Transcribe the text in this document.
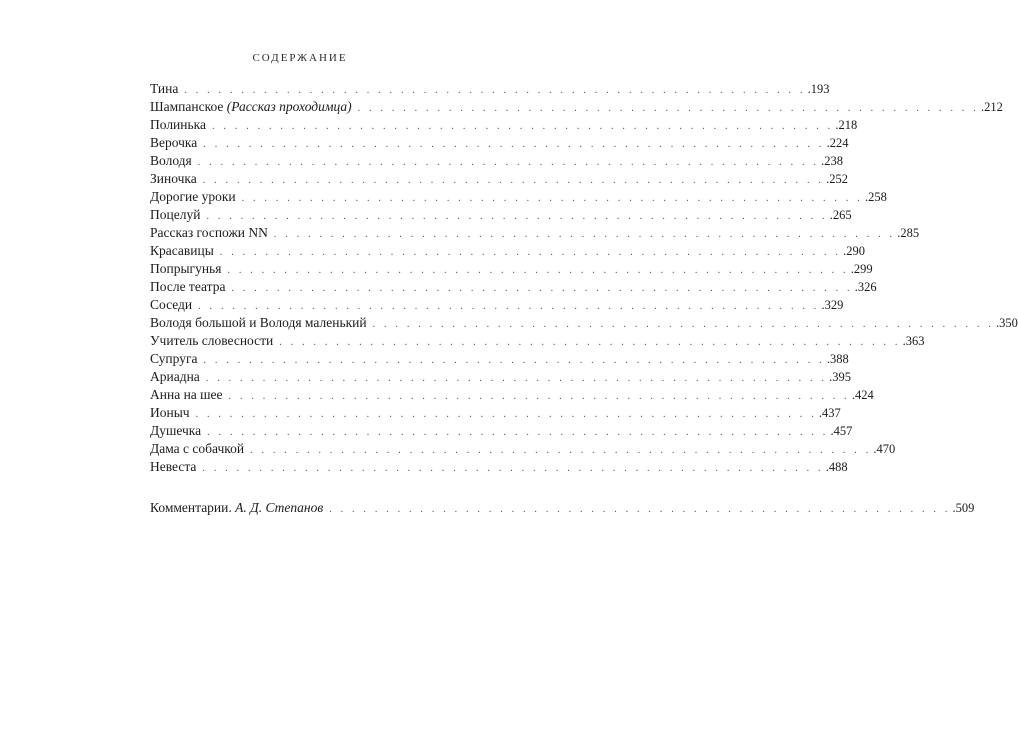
СОДЕРЖАНИЕ
Тина . . . . . . . . . . . . . . . . . . . . . . . . . . . . . . . . . . . . . . . . . . . . . . . . . . . . . . . .193
Шампанское (Рассказ проходимца) . . . . . . . . . . . . . . . . . . . . . . . . . . . . . . . . . . . . . . . . . . . . . . . . . . . . . . . .212
Полинька . . . . . . . . . . . . . . . . . . . . . . . . . . . . . . . . . . . . . . . . . . . . . . . . . . . . . . . .218
Верочка . . . . . . . . . . . . . . . . . . . . . . . . . . . . . . . . . . . . . . . . . . . . . . . . . . . . . . . .224
Володя . . . . . . . . . . . . . . . . . . . . . . . . . . . . . . . . . . . . . . . . . . . . . . . . . . . . . . . .238
Зиночка . . . . . . . . . . . . . . . . . . . . . . . . . . . . . . . . . . . . . . . . . . . . . . . . . . . . . . . .252
Дорогие уроки . . . . . . . . . . . . . . . . . . . . . . . . . . . . . . . . . . . . . . . . . . . . . . . . . . . . . . . .258
Поцелуй . . . . . . . . . . . . . . . . . . . . . . . . . . . . . . . . . . . . . . . . . . . . . . . . . . . . . . . .265
Рассказ госпожи NN . . . . . . . . . . . . . . . . . . . . . . . . . . . . . . . . . . . . . . . . . . . . . . . . . . . . . . . .285
Красавицы . . . . . . . . . . . . . . . . . . . . . . . . . . . . . . . . . . . . . . . . . . . . . . . . . . . . . . . .290
Попрыгунья . . . . . . . . . . . . . . . . . . . . . . . . . . . . . . . . . . . . . . . . . . . . . . . . . . . . . . . .299
После театра . . . . . . . . . . . . . . . . . . . . . . . . . . . . . . . . . . . . . . . . . . . . . . . . . . . . . . . .326
Соседи . . . . . . . . . . . . . . . . . . . . . . . . . . . . . . . . . . . . . . . . . . . . . . . . . . . . . . . .329
Володя большой и Володя маленький . . . . . . . . . . . . . . . . . . . . . . . . . . . . . . . . . . . . . . . . . . . . . . . . . . . . . . . .350
Учитель словесности . . . . . . . . . . . . . . . . . . . . . . . . . . . . . . . . . . . . . . . . . . . . . . . . . . . . . . . .363
Супруга . . . . . . . . . . . . . . . . . . . . . . . . . . . . . . . . . . . . . . . . . . . . . . . . . . . . . . . .388
Ариадна . . . . . . . . . . . . . . . . . . . . . . . . . . . . . . . . . . . . . . . . . . . . . . . . . . . . . . . .395
Анна на шее . . . . . . . . . . . . . . . . . . . . . . . . . . . . . . . . . . . . . . . . . . . . . . . . . . . . . . . .424
Ионыч . . . . . . . . . . . . . . . . . . . . . . . . . . . . . . . . . . . . . . . . . . . . . . . . . . . . . . . .437
Душечка . . . . . . . . . . . . . . . . . . . . . . . . . . . . . . . . . . . . . . . . . . . . . . . . . . . . . . . .457
Дама с собачкой . . . . . . . . . . . . . . . . . . . . . . . . . . . . . . . . . . . . . . . . . . . . . . . . . . . . . . . .470
Невеста . . . . . . . . . . . . . . . . . . . . . . . . . . . . . . . . . . . . . . . . . . . . . . . . . . . . . . . .488
Комментарии. А. Д. Степанов . . . . . . . . . . . . . . . . . . . . . . . . . . . . . . . . . . . . . . . . . . . . . . . . . . . . . . . .509
